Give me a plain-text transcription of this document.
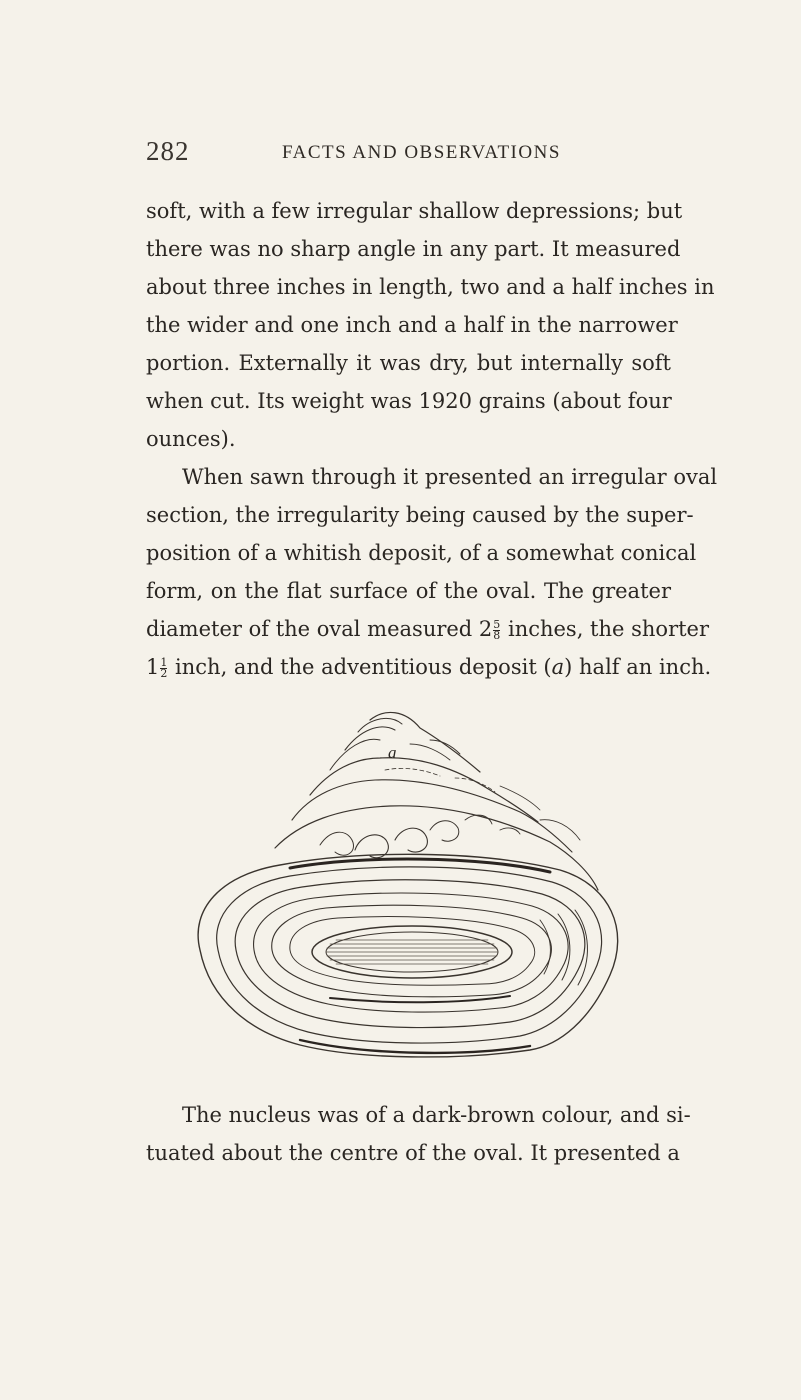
282	FACTS AND OBSERVATIONS
soft, with a few irregular shallow depressions; but
there was no sharp angle in any part. It measured
about three inches in length, two and a half inches in
the wider and one inch and a half in the narrower
portion. Externally it was dry, but internally soft
when cut. Its weight was 1920 grains (about four
ounces).
When sawn through it presented an irregular oval
section, the irregularity being caused by the super-
position of a whitish deposit, of a somewhat conical
form, on the flat surface of the oval. The greater
diameter of the oval measured $2 \frac{5}{8}$ inches, the shorter
$1 \frac{1}{2}$ inch, and the adventitious deposit (a) half an inch.
a
The nucleus was of a dark-brown colour, and si-
tuated about the centre of the oval. It presented a
